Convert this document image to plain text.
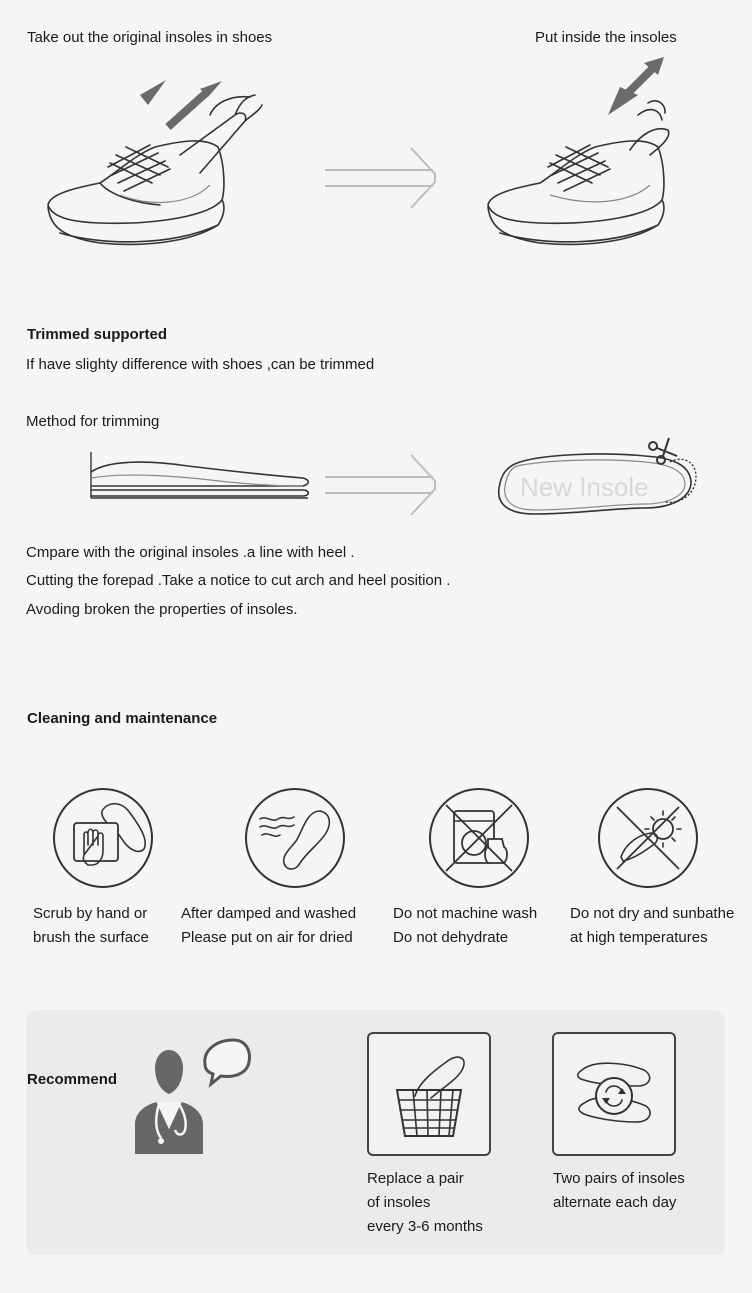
Take out the original insoles in shoes	Put inside the insoles
Trimmed supported
If have slighty difference with shoes ,can be trimmed
Method for trimming
New Insole
Cmpare with the original insoles .a line with heel .
Cutting the forepad .Take a notice to cut arch and heel position .
Avoding broken the properties of insoles.
Cleaning and maintenance
Scrub by hand or
brush the surface
After damped and washed
Please put on air for dried
Do not machine wash
Do not dehydrate
Do not dry and sunbathe
at high temperatures
Recommend
Replace a pair
of insoles
every 3-6 months
Two pairs of insoles
alternate each day
